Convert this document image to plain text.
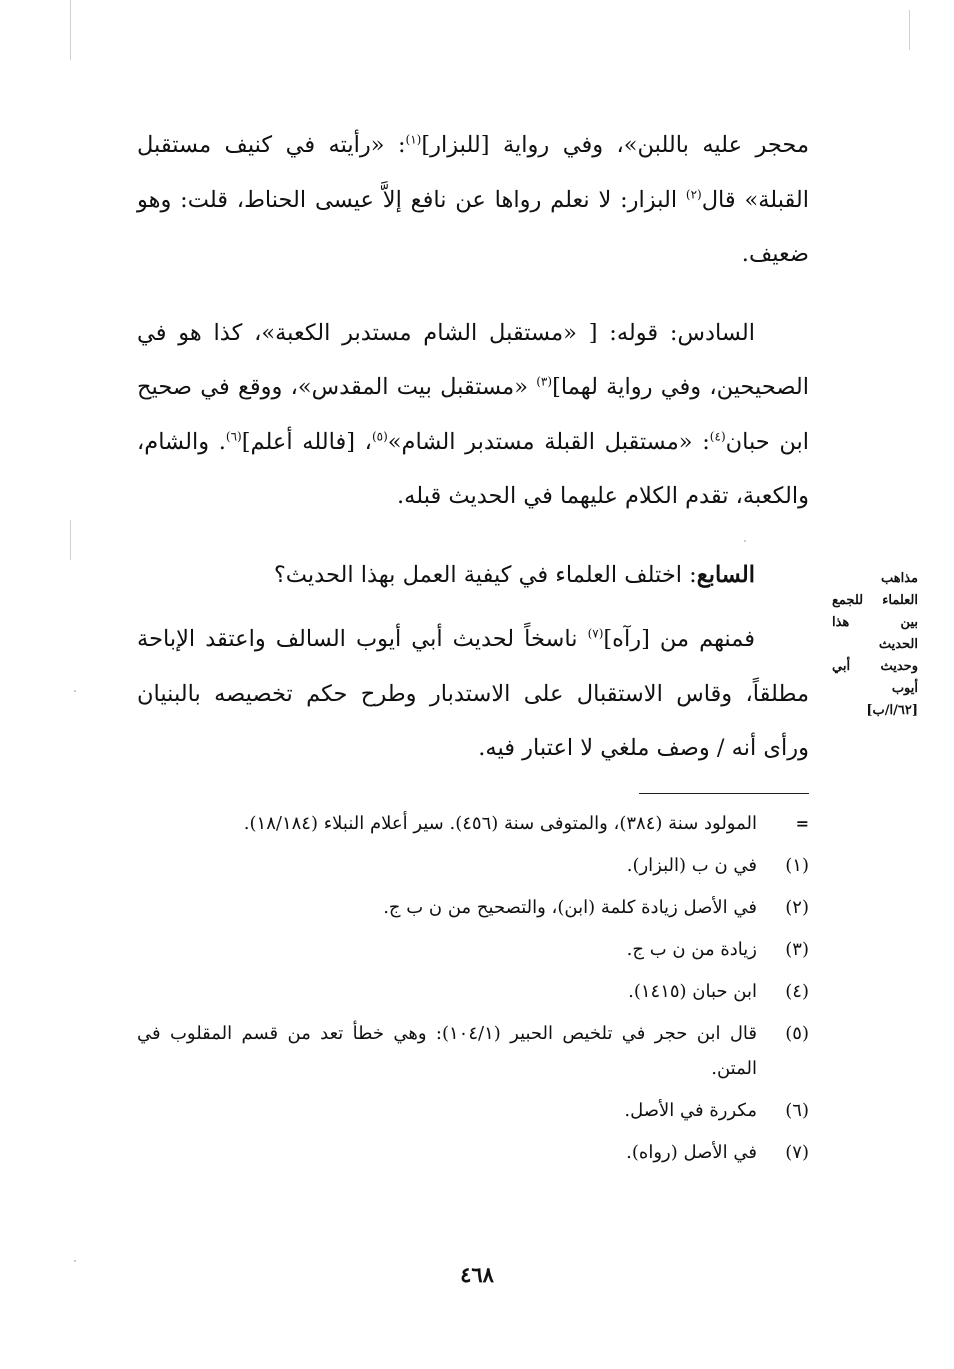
محجر عليه باللبن»، وفي رواية [للبزار]$^{(١)}$: «رأيته في كنيف مستقبل القبلة» قال$^{(٢)}$ البزار: لا نعلم رواها عن نافع إلاَّ عيسى الحناط، قلت: وهو ضعيف.

السادس: قوله: [ «مستقبل الشام مستدبر الكعبة»، كذا هو في الصحيحين، وفي رواية لهما]$^{(٣)}$ «مستقبل بيت المقدس»، ووقع في صحيح ابن حبان$^{(٤)}$: «مستقبل القبلة مستدبر الشام»$^{(٥)}$، [فالله أعلم]$^{(٦)}$. والشام، والكعبة، تقدم الكلام عليهما في الحديث قبله.

السابع: اختلف العلماء في كيفية العمل بهذا الحديث؟

فمنهم من [رآه]$^{(٧)}$ ناسخاً لحديث أبي أيوب السالف واعتقد الإباحة مطلقاً، وقاس الاستقبال على الاستدبار وطرح حكم تخصيصه بالبنيان ورأى أنه / وصف ملغي لا اعتبار فيه.

مذاهب
العلماء للجمع
بين هذا
الحديث
وحديث أبي
أيوب
[٦٢/ا/ب]
=
المولود سنة (٣٨٤)، والمتوفى سنة (٤٥٦). سير أعلام النبلاء (١٨/١٨٤).
(١)
في ن ب (البزار).
(٢)
في الأصل زيادة كلمة (ابن)، والتصحيح من ن ب ج.
(٣)
زيادة من ن ب ج.
(٤)
ابن حبان (١٤١٥).
(٥)
قال ابن حجر في تلخيص الحبير (١٠٤/١): وهي خطأ تعد من قسم المقلوب في المتن.
(٦)
مكررة في الأصل.
(٧)
في الأصل (رواه).
٤٦٨
